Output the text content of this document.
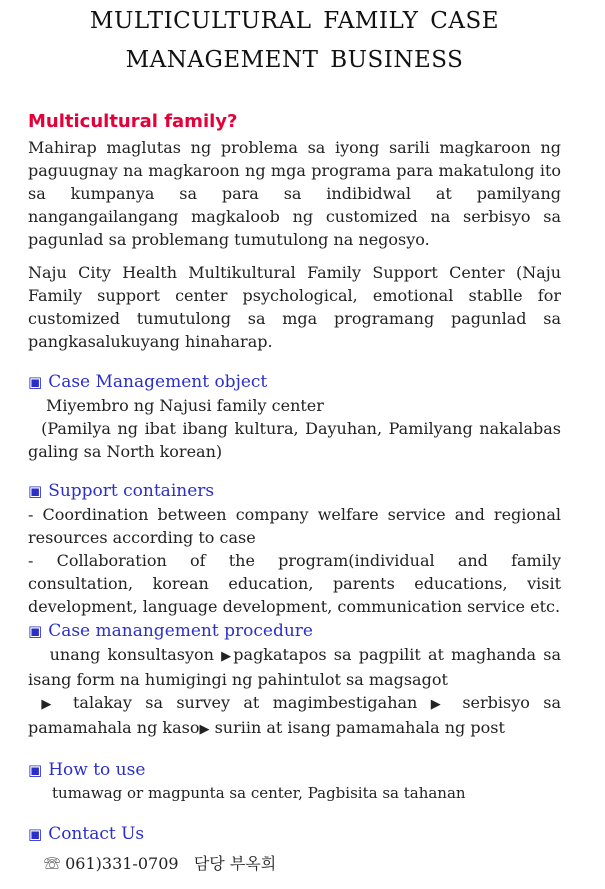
MULTICULTURAL FAMILY CASE
MANAGEMENT BUSINESS
Multicultural family?

Mahirap maglutas ng problema sa iyong sarili magkaroon ng paguugnay na magkaroon ng mga programa para makatulong ito sa kumpanya sa para sa indibidwal at pamilyang nangangailangang magkaloob ng customized na serbisyo sa pagunlad sa problemang tumutulong na negosyo.

Naju City Health Multikultural Family Support Center (Naju Family support center psychological, emotional stablle for customized tumutulong sa mga programang pagunlad sa pangkasalukuyang hinaharap.

▣ Case Management object

Miyembro ng Najusi family center

(Pamilya ng ibat ibang kultura, Dayuhan, Pamilyang nakalabas galing sa North korean)

▣ Support containers

- Coordination between company welfare service and regional resources according to case

- Collaboration of the program(individual and family consultation, korean education, parents educations, visit development, language development, communication service etc.

▣ Case manangement procedure

unang konsultasyon ▶pagkatapos sa pagpilit at maghanda sa isang form na humigingi ng pahintulot sa magsagot

▶ talakay sa survey at magimbestigahan ▶ serbisyo sa pamamahala ng kaso▶ suriin at isang pamamahala ng post

▣ How to use

tumawag or magpunta sa center, Pagbisita sa tahanan

▣ Contact Us
☏ 061)331-0709 담당 부옥희
